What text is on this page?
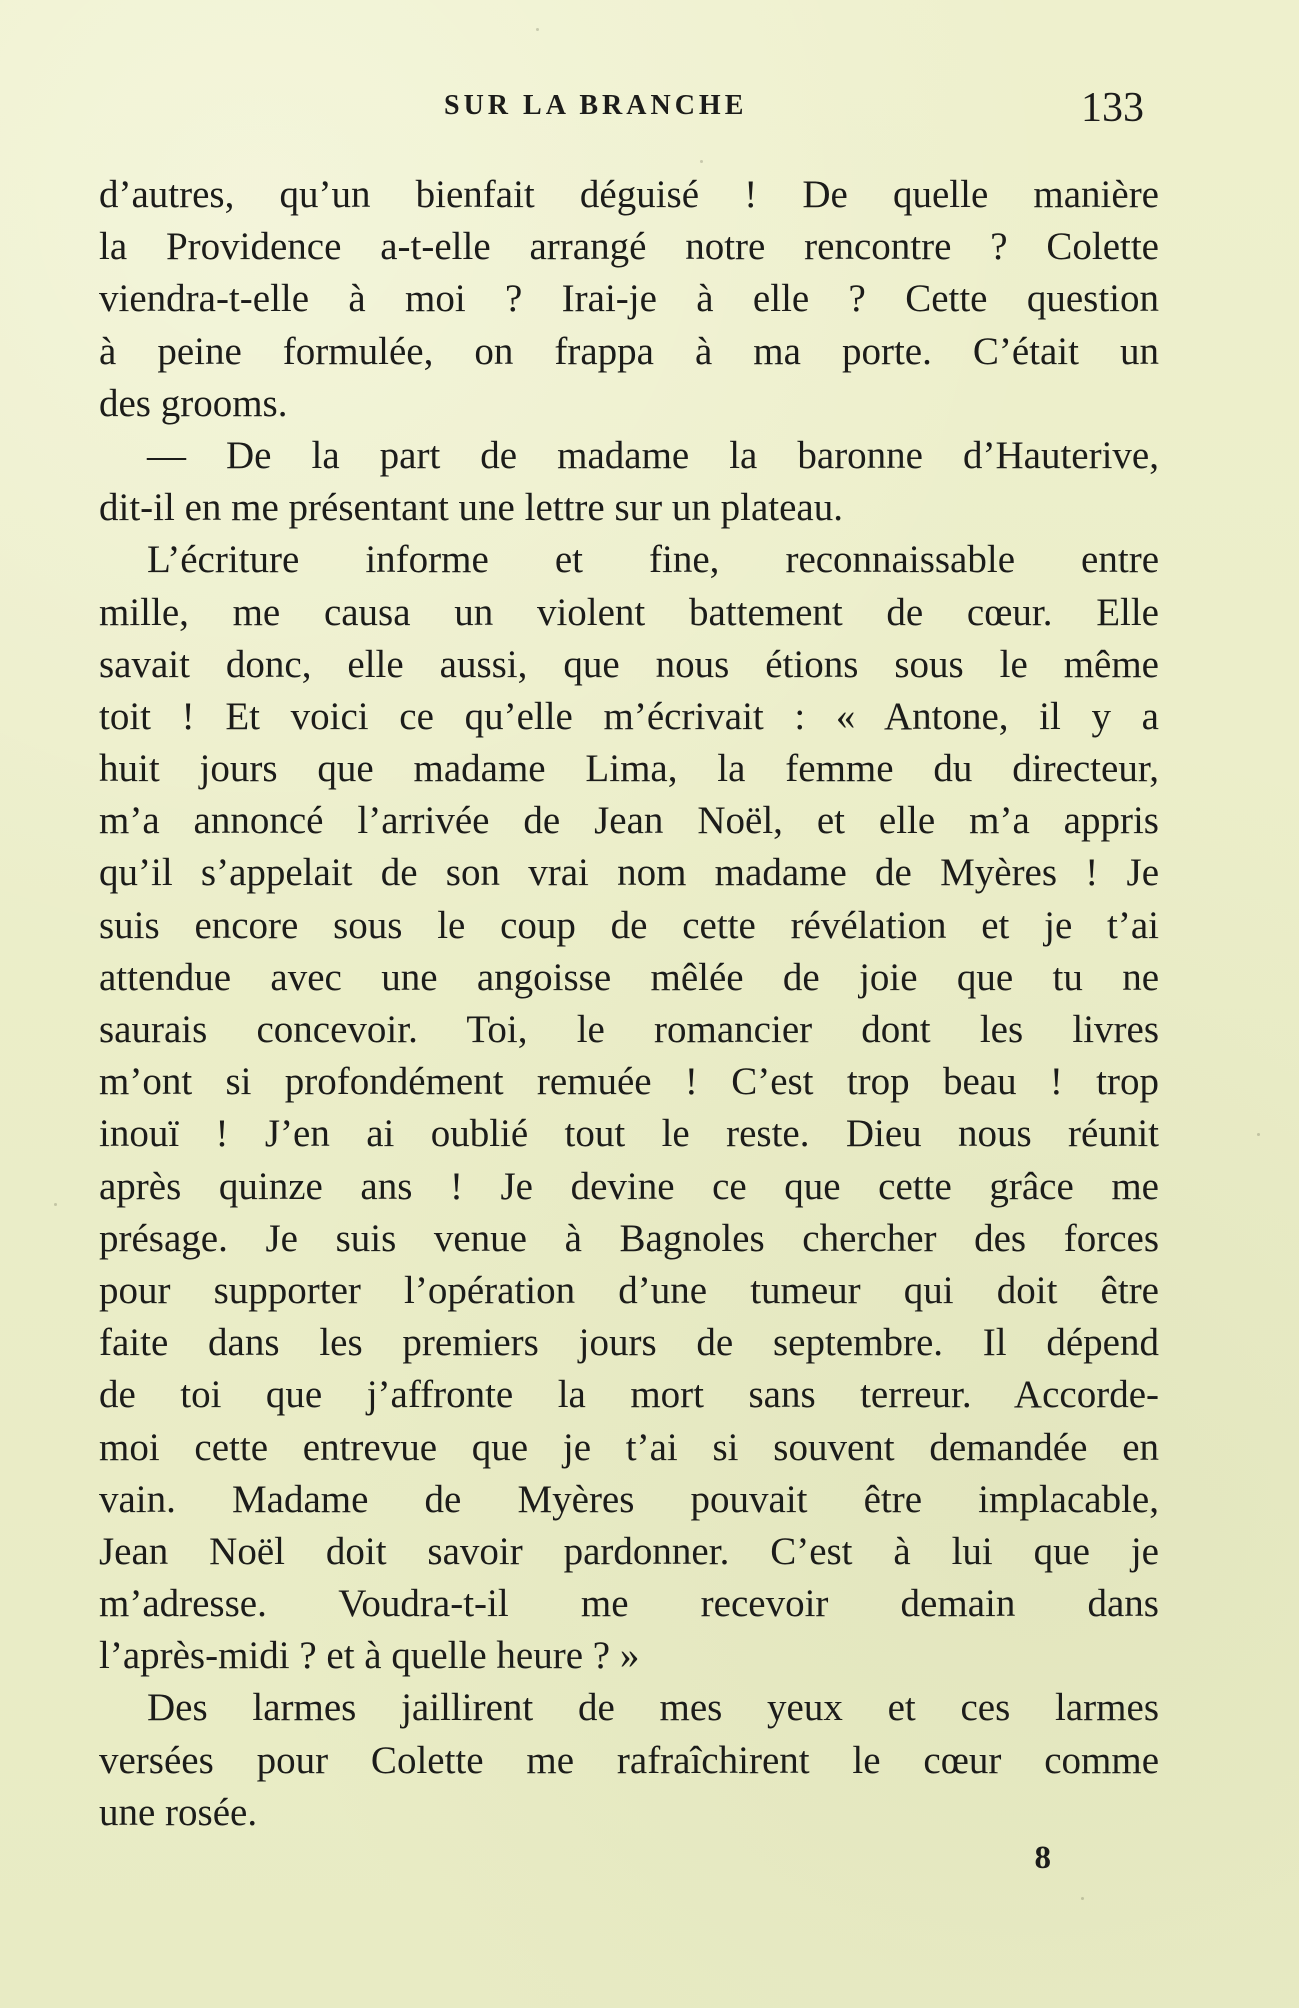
SUR LA BRANCHE	133
d’autres, qu’un bienfait déguisé ! De quelle manière
la Providence a-t-elle arrangé notre rencontre ? Colette
viendra-t-elle à moi ? Irai-je à elle ? Cette question
à peine formulée, on frappa à ma porte. C’était un
des grooms.
— De la part de madame la baronne d’Hauterive,
dit-il en me présentant une lettre sur un plateau.
L’écriture informe et fine, reconnaissable entre
mille, me causa un violent battement de cœur. Elle
savait donc, elle aussi, que nous étions sous le même
toit ! Et voici ce qu’elle m’écrivait : « Antone, il y a
huit jours que madame Lima, la femme du directeur,
m’a annoncé l’arrivée de Jean Noël, et elle m’a appris
qu’il s’appelait de son vrai nom madame de Myères ! Je
suis encore sous le coup de cette révélation et je t’ai
attendue avec une angoisse mêlée de joie que tu ne
saurais concevoir. Toi, le romancier dont les livres
m’ont si profondément remuée ! C’est trop beau ! trop
inouï ! J’en ai oublié tout le reste. Dieu nous réunit
après quinze ans ! Je devine ce que cette grâce me
présage. Je suis venue à Bagnoles chercher des forces
pour supporter l’opération d’une tumeur qui doit être
faite dans les premiers jours de septembre. Il dépend
de toi que j’affronte la mort sans terreur. Accorde-
moi cette entrevue que je t’ai si souvent demandée en
vain. Madame de Myères pouvait être implacable,
Jean Noël doit savoir pardonner. C’est à lui que je
m’adresse. Voudra-t-il me recevoir demain dans
l’après-midi ? et à quelle heure ? »
Des larmes jaillirent de mes yeux et ces larmes
versées pour Colette me rafraîchirent le cœur comme
une rosée.
8
